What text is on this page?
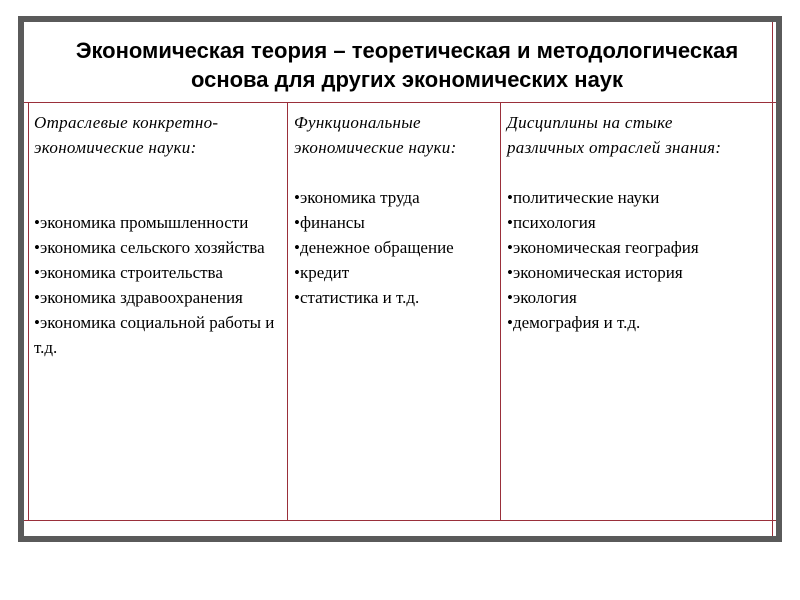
Экономическая теория – теоретическая и методологическая основа для других экономических наук
Отраслевые конкретно-экономические науки:
• экономика промышленности
• экономика сельского хозяйства
• экономика строительства
• экономика здравоохранения
• экономика социальной работы и т.д.
Функциональные экономические науки:
• экономика труда
• финансы
• денежное обращение
• кредит
• статистика и т.д.
Дисциплины на стыке различных отраслей знания:
• политические науки
• психология
• экономическая география
• экономическая история
• экология
• демография и т.д.
